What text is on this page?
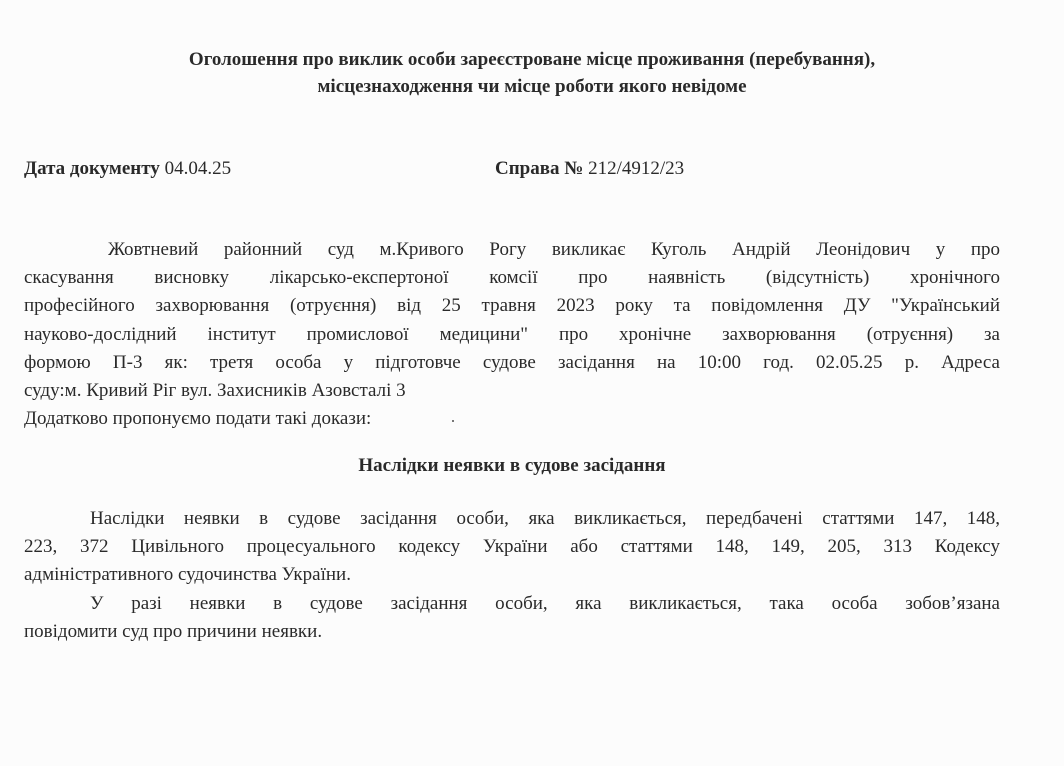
Оголошення про виклик особи зареєстроване місце проживання (перебування),
місцезнаходження чи місце роботи якого невідоме
Дата документу 04.04.25	Справа № 212/4912/23
Жовтневий районний суд м.Кривого Рогу викликає Куголь Андрій Леонідович у про
скасування висновку лікарсько-експертоної комсії про наявність (відсутність) хронічного
професійного захворювання (отруєння) від 25 травня 2023 року та повідомлення ДУ "Український
науково-дослідний інститут промислової медицини" про хронічне захворювання (отруєння) за
формою П-3 як: третя особа у підготовче судове засідання на 10:00 год. 02.05.25 р. Адреса
суду:м. Кривий Ріг вул. Захисників Азовсталі 3
Додатково пропонуємо подати такі докази:
Наслідки неявки в судове засідання
Наслідки неявки в судове засідання особи, яка викликається, передбачені статтями 147, 148,
223, 372 Цивільного процесуального кодексу України або статтями 148, 149, 205, 313 Кодексу
адміністративного судочинства України.
У разі неявки в судове засідання особи, яка викликається, така особа зобов’язана
повідомити суд про причини неявки.
